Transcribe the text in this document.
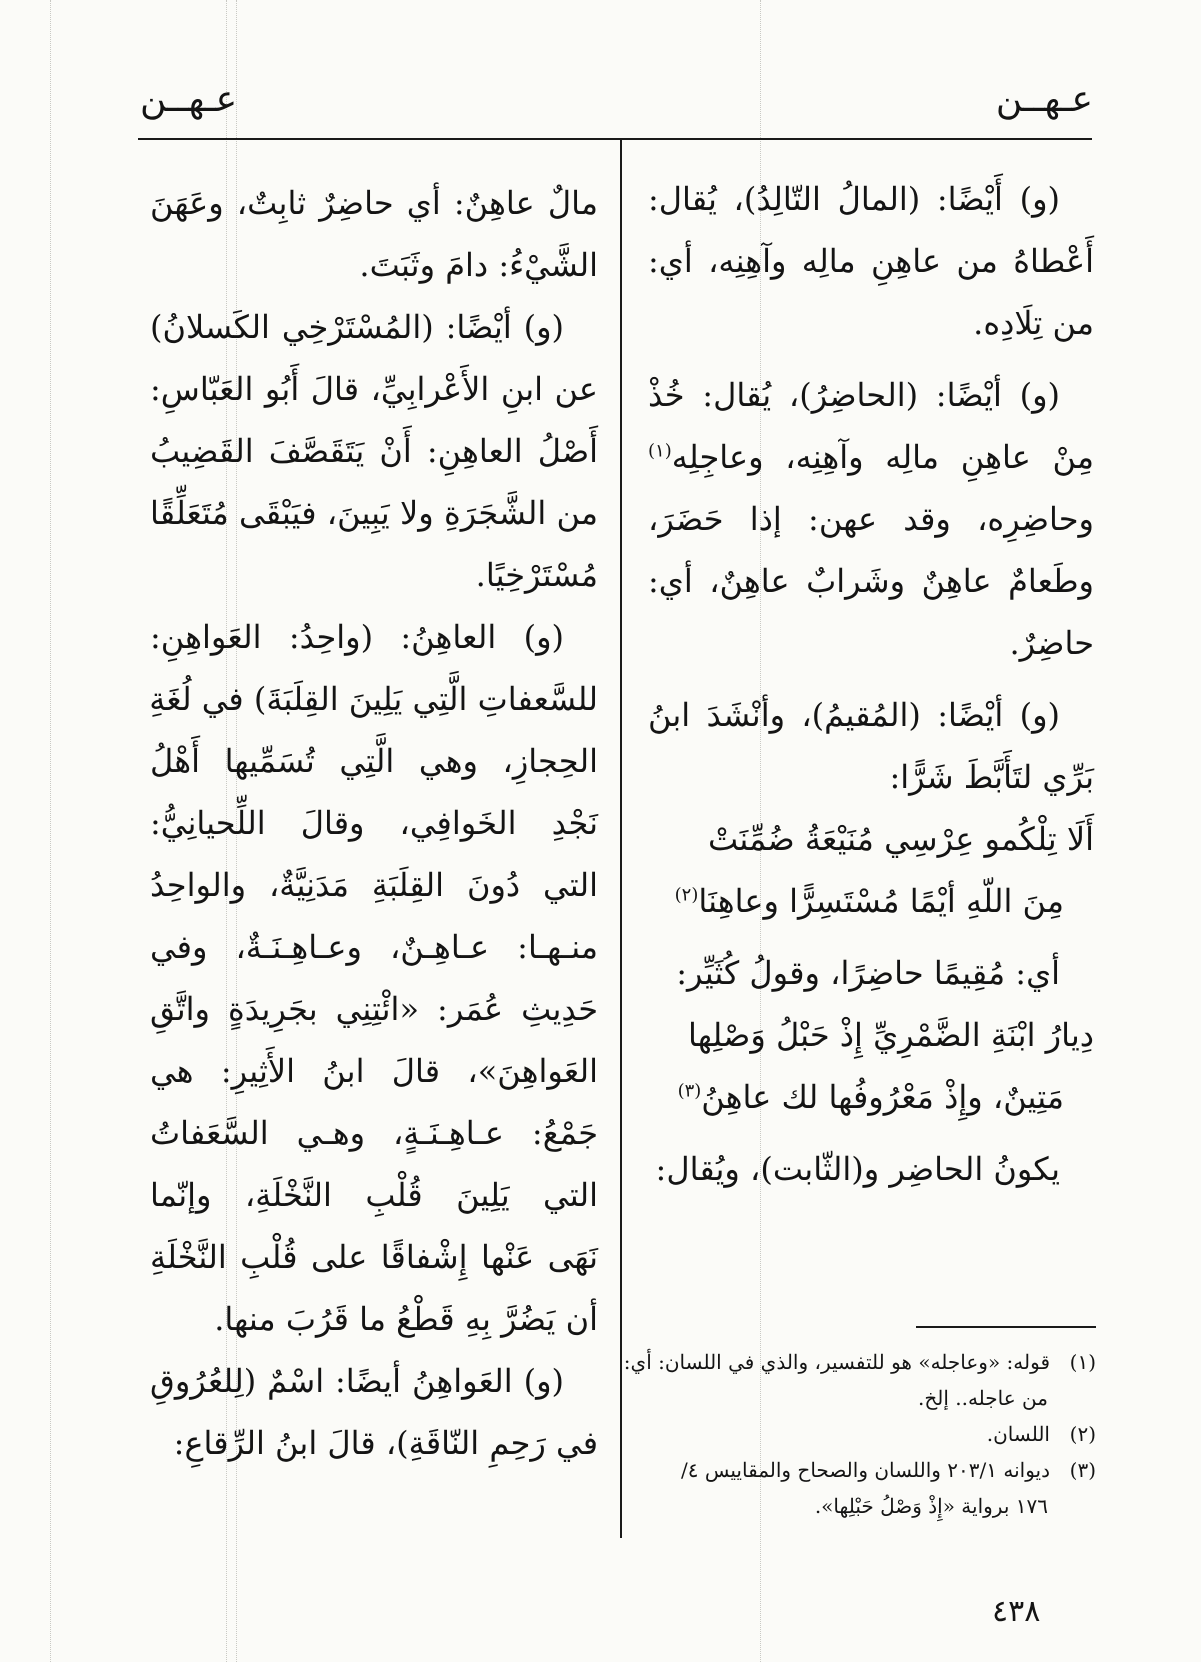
عـهــن
عـهــن
(و) أَيْضًا: (المالُ التّالِدُ)، يُقال:
أَعْطاهُ من عاهِنِ مالِه وآهِنِه، أي:
من تِلَادِه.
(و) أيْضًا: (الحاضِرُ)، يُقال: خُذْ
مِنْ عاهِنِ مالِه وآهِنِه، وعاجِلِه$^{(١)}$
وحاضِرِه، وقد عهن: إذا حَضَرَ،
وطَعامٌ عاهِنٌ وشَرابٌ عاهِنٌ، أي:
حاضِرٌ.
(و) أيْضًا: (المُقيمُ)، وأنْشَدَ ابنُ
بَرِّي لتَأَبَّطَ شَرًّا:
أَلَا تِلْكُمو عِرْسِي مُنَيْعَةُ ضُمِّنَتْ
مِنَ اللّهِ أيْمًا مُسْتَسِرًّا وعاهِنَا$^{(٢)}$
أي: مُقِيمًا حاضِرًا، وقولُ كُثَيِّر:
دِيارُ ابْنَةِ الضَّمْرِيِّ إِذْ حَبْلُ وَصْلِها
مَتِينٌ، وإِذْ مَعْرُوفُها لك عاهِنُ$^{(٣)}$
يكونُ الحاضِر و(الثّابت)، ويُقال:
مالٌ عاهِنٌ: أي حاضِرٌ ثابِتٌ، وعَهَنَ
الشَّيْءُ: دامَ وثَبَتَ.
(و) أيْضًا: (المُسْتَرْخِي الكَسلانُ)
عن ابنِ الأَعْرابِيِّ، قالَ أَبُو العَبّاسِ:
أَصْلُ العاهِنِ: أَنْ يَتَقَصَّفَ القَضِيبُ
من الشَّجَرَةِ ولا يَبِينَ، فيَبْقَى مُتَعَلِّقًا
مُسْتَرْخِيًا.
(و) العاهِنُ: (واحِدُ: العَواهِنِ:
للسَّعفاتِ الَّتِي يَلِينَ القِلَبَةَ) في لُغَةِ
الحِجازِ، وهي الَّتِي تُسَمِّيها أَهْلُ
نَجْدِ الخَوافِي، وقالَ اللِّحيانِيُّ:
التي دُونَ القِلَبَةِ مَدَنِيَّةٌ، والواحِدُ
منـهـا: عـاهِـنٌ، وعـاهِـنَـةٌ، وفي
حَدِيثِ عُمَر: «ائْتِنِي بجَرِيدَةٍ واتَّقِ
العَواهِنَ»، قالَ ابنُ الأَثِيرِ: هي
جَمْعُ: عـاهِـنَـةٍ، وهـي السَّعَفاتُ
التي يَلِينَ قُلْبِ النَّخْلَةِ، وإنّما
نَهَى عَنْها إِشْفاقًا على قُلْبِ النَّخْلَةِ
أن يَضُرَّ بِهِ قَطْعُ ما قَرُبَ منها.
(و) العَواهِنُ أيضًا: اسْمٌ (لِلعُرُوقِ
في رَحِمِ النّاقَةِ)، قالَ ابنُ الرِّقاعِ:
(١)قوله: «وعاجله» هو للتفسير، والذي في اللسان: أي:
من عاجله.. إلخ.
(٢)اللسان.
(٣)ديوانه ٢٠٣/١ واللسان والصحاح والمقاييس ٤/
١٧٦ برواية «إِذْ وَصْلُ حَبْلِها».
٤٣٨
